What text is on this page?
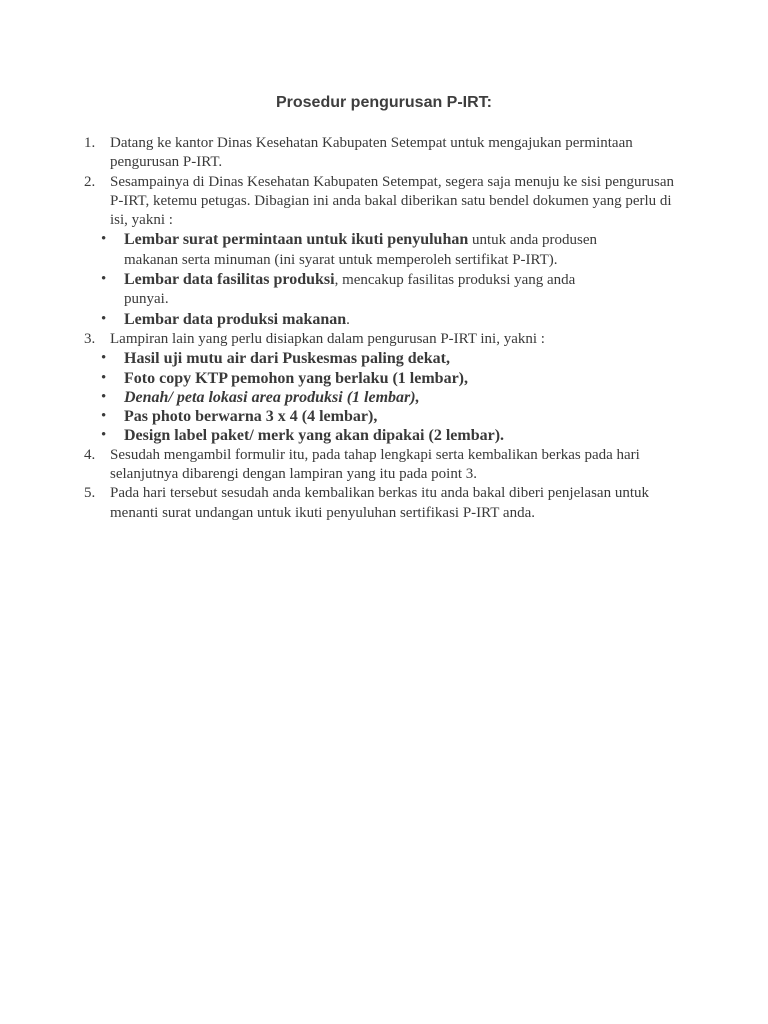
Prosedur pengurusan P-IRT:
1. Datang ke kantor Dinas Kesehatan Kabupaten Setempat untuk mengajukan permintaan pengurusan P-IRT.
2. Sesampainya di Dinas Kesehatan Kabupaten Setempat, segera saja menuju ke sisi pengurusan P-IRT, ketemu petugas. Dibagian ini anda bakal diberikan satu bendel dokumen yang perlu di isi, yakni :
• Lembar surat permintaan untuk ikuti penyuluhan untuk anda produsen makanan serta minuman (ini syarat untuk memperoleh sertifikat P-IRT).
• Lembar data fasilitas produksi, mencakup fasilitas produksi yang anda punyai.
• Lembar data produksi makanan.
3. Lampiran lain yang perlu disiapkan dalam pengurusan P-IRT ini, yakni :
• Hasil uji mutu air dari Puskesmas paling dekat,
• Foto copy KTP pemohon yang berlaku (1 lembar),
• Denah/ peta lokasi area produksi (1 lembar),
• Pas photo berwarna 3 x 4 (4 lembar),
• Design label paket/ merk yang akan dipakai (2 lembar).
4. Sesudah mengambil formulir itu, pada tahap lengkapi serta kembalikan berkas pada hari selanjutnya dibarengi dengan lampiran yang itu pada point 3.
5. Pada hari tersebut sesudah anda kembalikan berkas itu anda bakal diberi penjelasan untuk menanti surat undangan untuk ikuti penyuluhan sertifikasi P-IRT anda.
